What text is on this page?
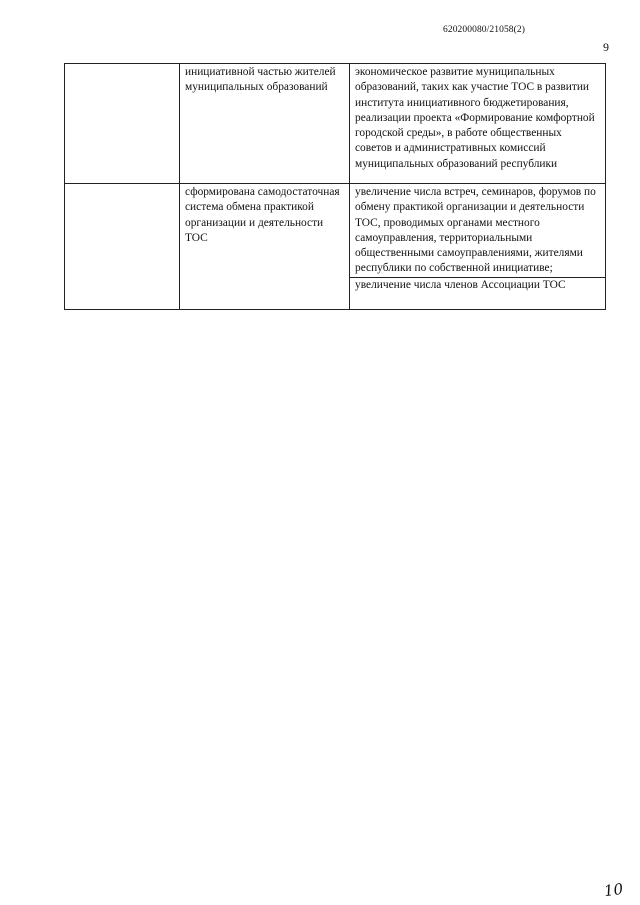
620200080/21058(2)
9
	инициативной частью жителей муниципальных образований	экономическое развитие муниципальных образований, таких как участие ТОС в развитии института инициативного бюджетирования, реализации проекта «Формирование комфортной городской среды», в работе общественных советов и административных комиссий муниципальных образований республики

	сформирована самодостаточная система обмена практикой организации и деятельности ТОС	увеличение числа встреч, семинаров, форумов по обмену практикой организации и деятельности ТОС, проводимых органами местного самоуправления, территориальными общественными самоуправлениями, жителями республики по собственной инициативе;
увеличение числа членов Ассоциации ТОС
10
